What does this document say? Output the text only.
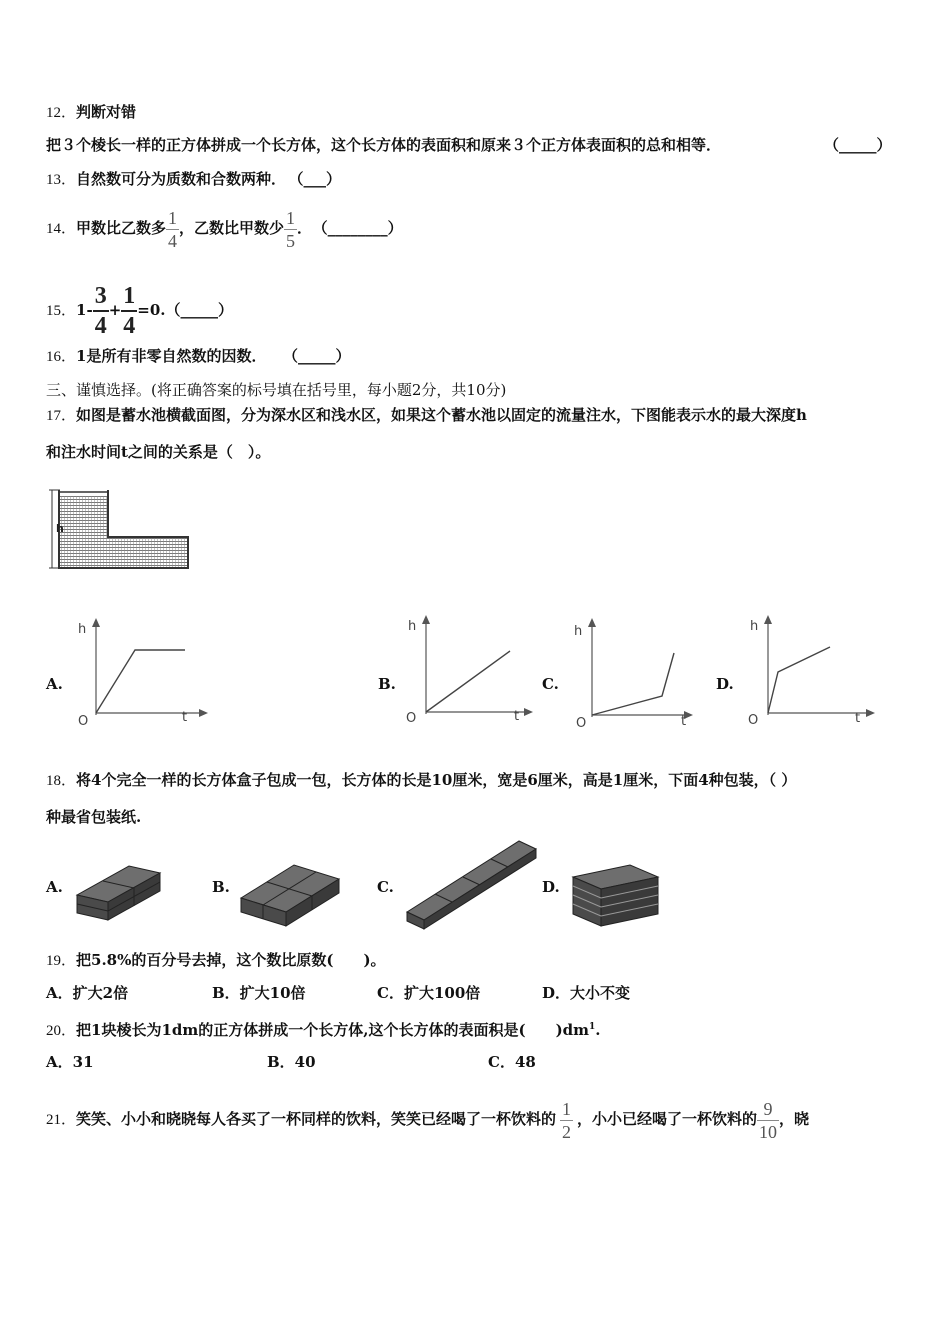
12．判断对错
把３个棱长一样的正方体拼成一个长方体，这个长方体的表面积和原来３个正方体表面积的总和相等．	（_____）
13．自然数可分为质数和合数两种． （___）
14．甲数比乙数多 $\frac{1}{4}$ ，乙数比甲数少 $\frac{1}{5}$ ． （________）
15．$1- \frac{3}{4} + \frac{1}{4}$ =0.（_____）
16．1是所有非零自然数的因数． （_____）
三、谨慎选择。(将正确答案的标号填在括号里，每小题2分，共10分)
17．如图是蓄水池横截面图，分为深水区和浅水区，如果这个蓄水池以固定的流量注水，下图能表示水的最大深度h
和注水时间t之间的关系是（　）。
h
A.
h
O	t
B.
h
O	t
C.
h
O	t
D.
h
O	t
18．将4个完全一样的长方体盒子包成一包，长方体的长是10厘米，宽是6厘米，高是1厘米，下面4种包装，（ ）
种最省包装纸.
A.	B.	C.	D.
19．把5.8%的百分号去掉，这个数比原数(　　)。
A．扩大2倍	B．扩大10倍	C．扩大100倍	D．大小不变
20．把1块棱长为1dm的正方体拼成一个长方体,这个长方体的表面积是(　　)$dm^1$.
A．31	B．40	C．48
21．笑笑、小小和晓晓每人各买了一杯同样的饮料，笑笑已经喝了一杯饮料的 $\frac{1}{2}$ ，小小已经喝了一杯饮料的 $\frac{9}{10}$ ，晓
